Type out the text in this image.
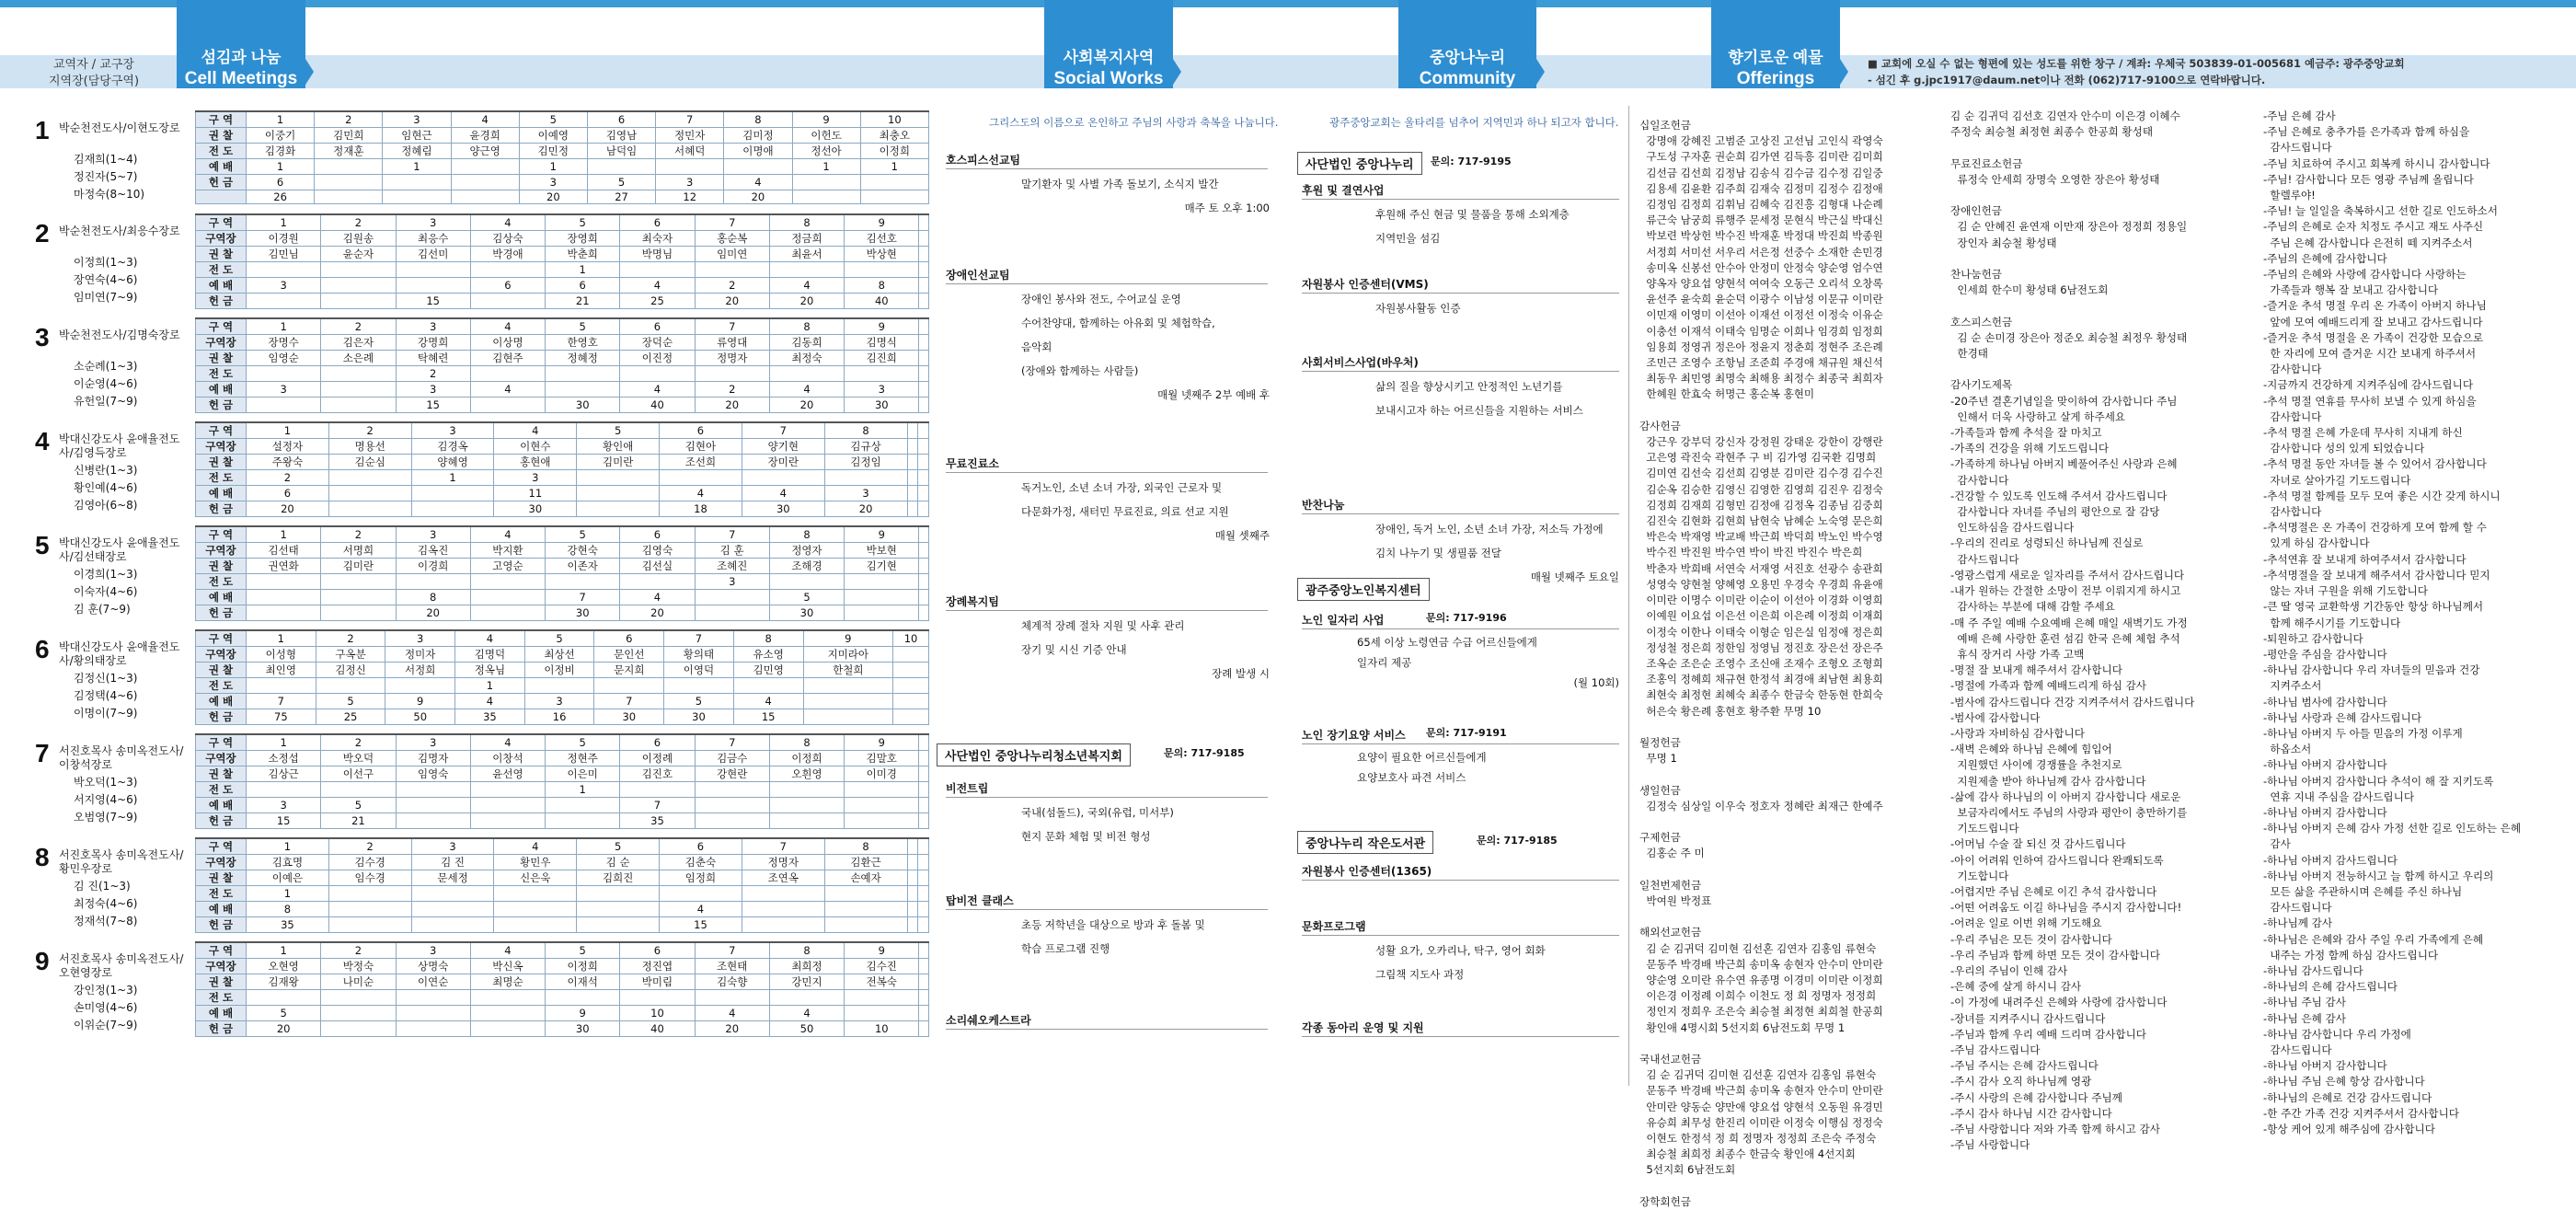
교역자 / 교구장
지역장(담당구역)
섬김과 나눔
Cell Meetings
사회복지사역
Social Works
중앙나누리
Community Center
향기로운 예물
Offerings
■ 교회에 오실 수 없는 형편에 있는 성도를 위한 창구 / 계좌: 우체국 503839-01-005681 예금주: 광주중앙교회
- 섬긴 후 g.jpc1917@daum.net이나 전화 (062)717-9100으로 연락바랍니다.
1 박순천전도사/이현도장로
김재희(1~4)
정진자(5~7)
마정숙(8~10)
구 역	1	2	3	4	5	6	7	8	9	10
권 찰	이중기	김민희	임현근	윤경희	이예영	김영남	정민자	김미정	이헌도	최충오
전 도	김경화	정재훈	정혜림	양근영	김민정	남덕임	서혜덕	이명애	정선아	이정희
예 배	1		1		1				1	1
헌 금	6				3	5	3	4		
	26				20	27	12	20		
2 박순천전도사/최응수장로
이정희(1~3)
장연숙(4~6)
임미연(7~9)
구 역	1	2	3	4	5	6	7	8	9	
구역장	이경원	김원송	최응수	김상숙	장영희	최숙자	홍순복	정금희	김선호	
권 찰	김민님	윤순자	김선미	박경애	박춘희	박명님	임미연	최윤서	박상현	
전 도					1					
예 배	3			6	6	4	2	4	8	
헌 금			15		21	25	20	20	40	
3 박순천전도사/김명숙장로
소순례(1~3)
이순영(4~6)
유헌일(7~9)
구 역	1	2	3	4	5	6	7	8	9	
구역장	장명수	김은자	강명희	이상명	한영호	장덕순	류영대	김동희	김명식	
권 찰	임영순	소은례	탁혜련	김현주	정혜정	이진정	정명자	최정숙	김진희	
전 도			2							
예 배	3		3	4		4	2	4	3	
헌 금			15		30	40	20	20	30	
4 박대신강도사 윤애율전도사/김영득장로
신병란(1~3)
황인예(4~6)
김영아(6~8)
구 역	1	2	3	4	5	6	7	8		
구역장	설정자	명용선	김경옥	이현수	황인애	김현아	양기현	김규상		
권 찰	주왕숙	김순심	양혜영	홍현애	김미란	조선희	장미란	김정임		
전 도	2		1	3						
예 배	6			11		4	4	3		
헌 금	20			30		18	30	20		
5 박대신강도사 윤애율전도사/김선태장로
이경희(1~3)
이숙자(4~6)
김 훈(7~9)
구 역	1	2	3	4	5	6	7	8	9	
구역장	김선태	서명희	김옥진	박지환	강현숙	김영숙	김 훈	정영자	박보현	
권 찰	권연화	김미란	이경희	고영순	이존자	김선실	조혜진	조해경	김기현	
전 도							3			
예 배			8		7	4		5		
헌 금			20		30	20		30		
6 박대신강도사 윤애율전도사/황의태장로
김정신(1~3)
김정택(4~6)
이명이(7~9)
구 역	1	2	3	4	5	6	7	8	9	10
구역장	이성형	구옥분	정미자	김명덕	최상선	문인선	황의태	유소영	지미라아	
권 찰	최인영	김정신	서정희	정옥님	이정비	문지희	이영덕	김민영	한철희	
전 도				1						
예 배	7	5	9	4	3	7	5	4		
헌 금	75	25	50	35	16	30	30	15		
7 서진호목사 송미옥전도사/이창석장로
박오덕(1~3)
서지영(4~6)
오범영(7~9)
구 역	1	2	3	4	5	6	7	8	9	
구역장	소정섭	박오덕	김명자	이창석	정현주	이정례	김금수	이정희	김말호	
권 찰	김상근	이선구	임영숙	윤선영	이은미	김진호	강현란	오흰영	이미경	
전 도					1					
예 배	3	5				7				
헌 금	15	21				35				
8 서진호목사 송미옥전도사/황민우장로
김 진(1~3)
최정숙(4~6)
정재석(7~8)
구 역	1	2	3	4	5	6	7	8		
구역장	김효명	김수경	김 진	황민우	김 순	김춘숙	정명자	김환근		
권 찰	이예은	임수경	문세정	신은욱	김희진	임정희	조연옥	손예자		
전 도	1									
예 배	8					4				
헌 금	35					15				
9 서진호목사 송미옥전도사/오현영장로
강인정(1~3)
손미영(4~6)
이위순(7~9)
구 역	1	2	3	4	5	6	7	8	9	
구역장	오현영	박정숙	상명숙	박신옥	이정희	정진엽	조현태	최희정	김수진	
권 찰	김재왕	나미순	이연순	최명순	이재석	박미림	김숙향	강민지	전복숙	
전 도										
예 배	5				9	10	4	4		
헌 금	20				30	40	20	50	10	
그리스도의 이름으로 온인하고 주님의 사랑과 축복을 나눕니다.
호스피스선교팀
말기환자 및 사별 가족 돌보기, 소식지 발간
매주 토 오후 1:00
장애인선교팀
장애인 봉사와 전도, 수어교실 운영
수어찬양대, 함께하는 아유회 및 체험학습,
음악회
(장애와 함께하는 사람들)
매월 넷째주 2부 예배 후
무료진료소
독거노인, 소년 소녀 가장, 외국인 근로자 및
다문화가정, 새터민 무료진료, 의료 선교 지원
매월 셋째주
장례복지팀
체계적 장례 절차 지원 및 사후 관리
장기 및 시신 기증 안내
장례 발생 시
사단법인 중앙나누리청소년복지회	문의: 717-9185
비전트립
국내(섬돌드), 국외(유럽, 미서부)
현지 문화 체험 및 비전 형성
탑비전 클래스
초등 저학년을 대상으로 방과 후 돌봄 및
학습 프로그램 진행
소리쉐오케스트라
광주중앙교회는 울타리를 넘추어 지역민과 하나 되고자 합니다.
사단법인 중앙나누리	문의: 717-9195
후원 및 결연사업
후원해 주신 현금 및 물품을 통해 소외계층
지역민을 섬김
자원봉사 인증센터(VMS)
자원봉사활동 인증
사회서비스사업(바우처)
삶의 질을 향상시키고 안정적인 노년기를
보내시고자 하는 어르신들을 지원하는 서비스
반찬나눔
장애인, 독거 노인, 소년 소녀 가장, 저소득 가정에
김치 나누기 및 생필품 전달
매월 넷째주 토요일
광주중앙노인복지센터
노인 일자리 사업	문의: 717-9196
65세 이상 노령연금 수급 어르신들에게
일자리 제공
(월 10회)
노인 장기요양 서비스 문의: 717-9191
요양이 필요한 어르신들에게
요양보호사 파견 서비스
중앙나누리 작은도서관	문의: 717-9185
자원봉사 인증센터(1365)
문화프로그램
성활 요가, 오카리나, 탁구, 영어 회화
그림책 지도사 과정
각종 동아리 운영 및 지원
십일조헌금
강명애 강혜진 고범준 고상진 고선님 고인식 곽영숙
구도성 구자훈 권순희 김가연 김득흥 김미란 김미희
김선금 김선희 김정남 김송식 김수금 김수정 김일중
김용세 김윤환 김주희 김재숙 김정미 김정수 김정애
김정임 김정희 김휘님 김혜숙 김진흥 김형대 나순례
류근숙 남궁희 류행주 문세정 문현식 박근실 박대신
박보련 박상헌 박수진 박재훈 박정대 박진희 박종원
서정희 서미선 서우리 서은정 선중수 소재한 손민경
송미옥 신봉선 안수아 안정미 안정숙 양순영 엄수연
양옥자 양요섭 양현석 여여숙 오동근 오리석 오창록
윤선주 윤숙희 윤순덕 이광수 이남성 이문규 이미란
이민재 이영미 이선아 이재선 이정선 이정숙 이유순
이충선 이재석 이태숙 임명순 이희나 임경희 임정희
임용희 정영귀 정은아 정윤지 정춘희 정현주 조은례
조민근 조영수 조항님 조준희 주경애 채규원 채신석
최동우 최민영 최명숙 최해용 최정수 최종국 최희자
한혜원 한효숙 허명근 홍순복 홍현미

감사헌금
강근우 강부덕 강신자 강정원 강태운 강한이 강행란
고은영 곽진숙 곽현주 구 비 김가영 김국환 김명희
김미연 김선숙 김선희 김영분 김미란 김수경 김수진
김순옥 김승한 김영신 김영한 김영희 김진우 김정숙
김정희 김재희 김형민 김정애 김정옥 김종님 김중희
김진숙 김현화 김현희 남현숙 남혜순 노숙영 문은희
박은숙 박재영 박교배 박근희 박덕희 박노인 박수영
박수진 박진원 박수연 박이 박진 박진수 박은희
박춘자 박희배 서연숙 서재영 서진호 선광수 송관희
성영숙 양현철 양혜영 오용민 우경숙 우경희 유윤애
이미란 이명수 이미란 이순이 이선아 이경화 이영희
이예원 이요섭 이은선 이은희 이은례 이정희 이재희
이정숙 이한나 이태숙 이형순 임은실 임정애 정은희
정성철 정은희 정한임 정영님 정진호 장은선 장은주
조옥순 조은순 조영수 조신애 조재수 조형오 조형희
조홍익 정혜희 채규현 한정석 최경애 최남현 최용희
최현숙 최정현 최혜숙 최종수 한금숙 한동현 한희숙
허은숙 황은례 홍현호 황주환 무명 10

월정헌금
무명 1

생일헌금
김정숙 심상일 이우숙 정호자 정혜란 최재근 한예주

구제헌금
김홍순 주 미

일천번제헌금
박여원 박정표

해외선교헌금
김 순 김귀덕 김미현 김선혼 김연자 김홍임 류현숙
문동주 박경배 박근희 송미옥 송현자 안수미 안미란
양순영 오미란 유수연 유종명 이경미 이미란 이정희
이은경 이정례 이희수 이천도 정 희 정명자 정정희
정인지 정희우 조은숙 최승철 최정현 최희철 한공희
황인애 4명시회 5선지회 6남전도회 무명 1

국내선교헌금
김 순 김귀덕 김미현 김선훈 김연자 김홍임 류현숙
문동주 박경배 박근희 송미옥 송현자 안수미 안미란
안미란 양동순 양만애 양요섭 양현석 오동원 유경민
유승희 최무성 한진리 이미란 이정숙 이행심 정정숙
이현도 한정석 정 희 정명자 정정희 조은숙 주정숙
최승철 최희정 최종수 한금숙 황인애 4선지회
5선지회 6남전도회

장학회헌금
김 순 김귀덕 김선호 김연자 안수미 이은경 이혜수
주정숙 최승철 최정현 최종수 한공희 황성태

무료진료소헌금
류정숙 안세희 장명숙 오영한 장은아 황성태

장애인헌금
김 순 안혜진 윤연재 이만재 장은아 정정희 정용일
장인자 최승철 황성태

찬나눔헌금
인세희 한수미 황성태 6남전도회

호스피스헌금
김 순 손미경 장은아 정준오 최승철 최정우 황성태
한경태

감사기도제목
-20주년 결혼기념일을 맞이하여 감사합니다 주님
인해서 더욱 사랑하고 살게 하주세요
-가족들과 함께 추석을 잘 마치고
-가족의 건강을 위해 기도드립니다
-가족하게 하나님 아버지 베풀어주신 사랑과 은혜
감사합니다
-건강할 수 있도록 인도해 주셔서 감사드립니다
감사합니다 자녀를 주님의 평안으로 잘 감당
인도하심을 감사드립니다
-우리의 진리로 성령되신 하나님께 진실로
감사드립니다
-영광스럽게 새로운 일자리를 주셔서 감사드립니다
-내가 원하는 간절한 소망이 전부 이뤄지게 하시고
감사하는 부분에 대해 감할 주세요
-매 주 주일 예배 수요예배 은혜 매일 새벽기도 가정
예배 은혜 사랑한 훈련 섬김 한국 은혜 체험 추석
휴식 장거리 사랑 가족 고백
-명절 잘 보내게 해주셔서 감사합니다
-명절에 가족과 함께 예배드리게 하심 감사
-범사에 감사드립니다 건강 지켜주셔서 감사드립니다
-범사에 감사합니다
-사랑과 자비하심 감사합니다
-새벽 은혜와 하나님 은혜에 힘입어
지원했던 사이에 경쟁률을 추천지로
지원제출 받아 하나님께 감사 감사합니다
-삶에 감사 하나님의 이 아버지 감사합니다 새로운
보금자리에서도 주님의 사랑과 평안이 충만하기를
기도드립니다
-어머님 수술 잘 되신 것 감사드립니다
-아이 어려워 인하여 감사드립니다 완쾌되도록
기도합니다
-어렵지만 주님 은혜로 이긴 추석 감사합니다
-어떤 어려움도 이길 하나님을 주시지 감사합니다!
-어려운 일로 이번 위해 기도해요
-우리 주님은 모든 것이 감사합니다
-우리 주님과 함께 하면 모든 것이 감사합니다
-우리의 주님이 인해 감사
-은혜 중에 살게 하시니 감사
-이 가정에 내려주신 은혜와 사랑에 감사합니다
-장녀를 지켜주시니 감사드립니다
-주님과 함께 우리 예배 드리며 감사합니다
-주님 감사드립니다
-주님 주시는 은혜 감사드립니다
-주시 감사 오직 하나님께 영광
-주시 사랑의 은혜 감사합니다 주님께
-주시 감사 하나님 시간 감사합니다
-주님 사랑합니다 저와 가족 함께 하시고 감사
-주님 사랑합니다
-주님 은혜 감사
-주님 은혜로 충추가를 은가족과 함께 하심을
감사드립니다
-주님 치료하여 주시고 회복케 하시니 감사합니다
-주님! 감사합니다 모든 영광 주님께 올립니다
할렐루야!
-주님! 늘 일일을 축복하시고 선한 길로 인도하소서
-주님의 은혜로 순자 치정도 주시고 재도 사주신
주님 은혜 감사합니다 은전히 떼 지켜주소서
-주님의 은혜에 감사합니다
-주님의 은혜와 사랑에 감사합니다 사랑하는
가족들과 행복 잘 보내고 감사합니다
-즐거운 추석 명절 우리 온 가족이 아버지 하나님
앞에 모여 예배드리게 잘 보내고 감사드립니다
-즐거운 추석 명절을 온 가족이 건강한 모습으로
한 자리에 모여 즐거운 시간 보내게 하주셔서
감사합니다
-지금까지 건강하게 지켜주심에 감사드립니다
-추석 명절 연휴를 무사히 보낼 수 있게 하심을
감사합니다
-추석 명절 은혜 가운데 무사히 지내게 하신
감사합니다 성의 있게 되었습니다
-추석 명절 동안 자녀들 볼 수 있어서 감사합니다
자녀로 살아가길 기도드립니다
-추석 명절 함께를 모두 모여 좋은 시간 갖게 하시니
감사합니다
-추석명절은 온 가족이 건강하게 모여 함께 할 수
있게 하심 감사합니다
-추석연휴 잘 보내게 하여주셔서 감사합니다
-추석명절을 잘 보내게 해주셔서 감사합니다 믿지
않는 자녀 구원을 위해 기도합니다
-큰 딸 영국 교환학생 기간동안 항상 하나님께서
함께 해주시기를 기도합니다
-퇴원하고 감사합니다
-평안을 주심을 감사합니다
-하나님 감사합니다 우리 자녀들의 믿음과 건강
지켜주소서
-하나님 범사에 감사합니다
-하나님 사랑과 은혜 감사드립니다
-하나님 아버지 두 아들 믿음의 가정 이루게
하옵소서
-하나님 아버지 감사합니다
-하나님 아버지 감사합니다 추석이 해 잘 지키도록
연휴 지내 주심을 감사드립니다
-하나님 아버지 감사합니다
-하나님 아버지 은혜 감사 가정 선한 길로 인도하는 은혜
감사
-하나님 아버지 감사드립니다
-하나님 아버지 전능하시고 늘 함께 하시고 우리의
모든 삶을 주관하시며 은혜를 주신 하나님
감사드립니다
-하나님께 감사
-하나님은 은혜와 감사 주일 우리 가족에게 은혜
내주는 가정 함께 하심 감사드립니다
-하나님 감사드립니다
-하나님의 은혜 감사드립니다
-하나님 주님 감사
-하나님 은혜 감사
-하나님 감사합니다 우리 가정에
감사드립니다
-하나님 아버지 감사합니다
-하나님 주님 은혜 항상 감사합니다
-하나님의 은혜로 건강 감사드립니다
-한 주간 가족 건강 지켜주셔서 감사합니다
-항상 케어 있게 해주심에 감사합니다
